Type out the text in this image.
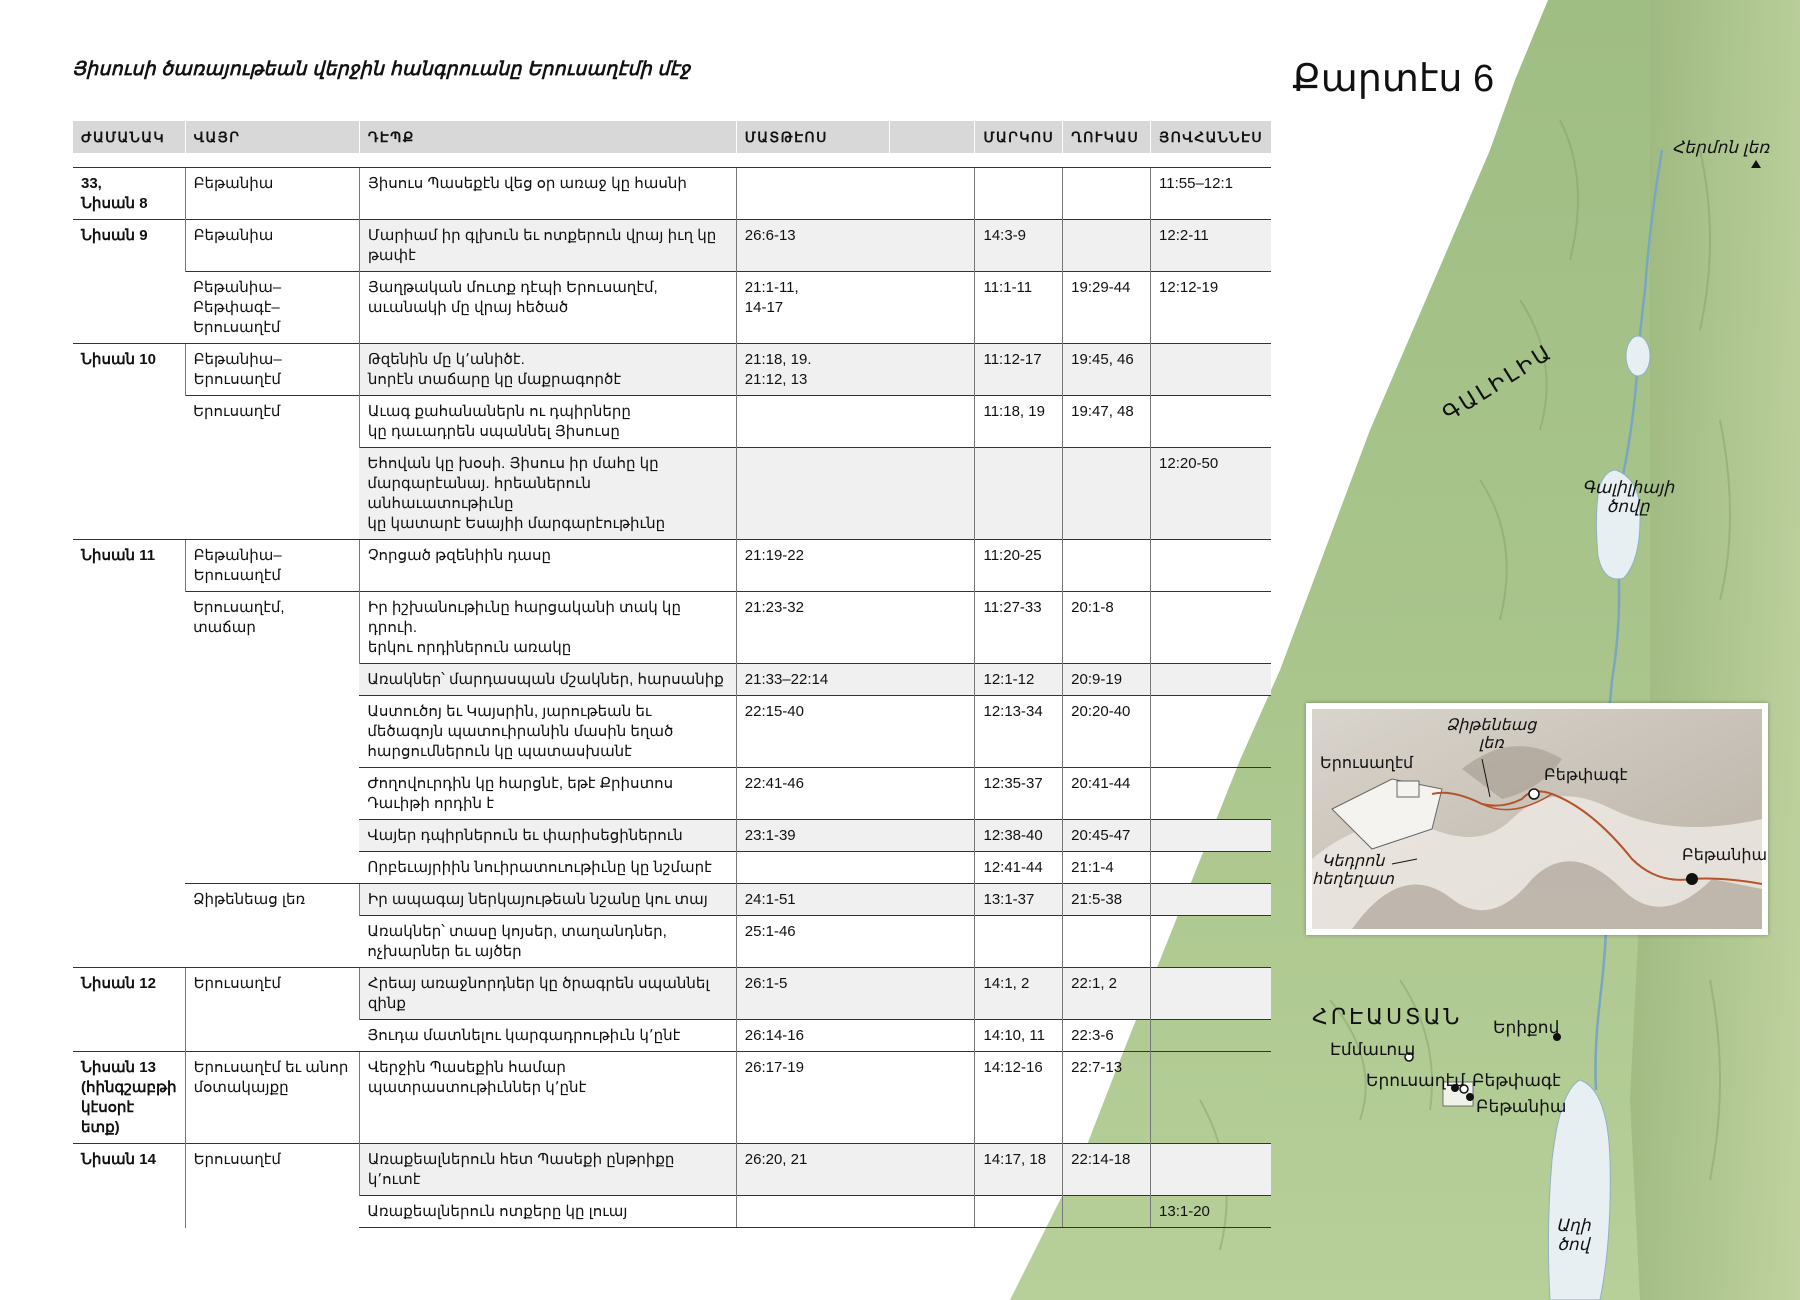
Յիսուսի ծառայութեան վերջին հանգրուանը Երուսաղէմի մէջ	Քարտէս 6
Հերմոն լեռ
ԳԱԼԻԼԻԱ
Գալիլիայի
ծովը
ՀՐԷԱՍՏԱՆ Երիքով
Էմմաւուս
Երուսաղէմ Բեթփագէ
Բեթանիա
Աղի
ծով
Ձիթենեաց
լեռ
Երուսաղէմ
Բեթփագէ
Բեթանիա
Կեդրոն
հեղեղատ
ԺԱՄԱՆԱԿ	ՎԱՅՐ	ԴԷՊՔ	ՄԱՏԹԷՈՍ		ՄԱՐԿՈՍ	ՂՈՒԿԱՍ	ՅՈՎՀԱՆՆԷՍ

33,
Նիսան 8	Բեթանիա	Յիսուս Պասեքէն վեց օր առաջ կը հասնի					11:55–12:1
Նիսան 9	Բեթանիա	Մարիամ իր գլխուն եւ ոտքերուն վրայ իւղ կը թափէ	26:6-13		14:3-9		12:2-11
	Բեթանիա–Բեթփագէ–
Երուսաղէմ	Յաղթական մուտք դէպի Երուսաղէմ,
աւանակի մը վրայ հեծած	21:1-11,
14-17		11:1-11	19:29-44	12:12-19
Նիսան 10	Բեթանիա–Երուսաղէմ	Թզենին մը կ՚անիծէ.
նորէն տաճարը կը մաքրագործէ	21:18, 19.
21:12, 13		11:12-17	19:45, 46	
	Երուսաղէմ	Աւագ քահանաներն ու դպիրները
կը դաւադրեն սպաննել Յիսուսը			11:18, 19	19:47, 48	
		Եհովան կը խօսի. Յիսուս իր մահը կը
մարգարէանայ. հրեաներուն անհաւատութիւնը
կը կատարէ Եսայիի մարգարէութիւնը					12:20-50
Նիսան 11	Բեթանիա–Երուսաղէմ	Չորցած թզենիին դասը	21:19-22		11:20-25		
	Երուսաղէմ, տաճար	Իր իշխանութիւնը հարցականի տակ կը դրուի.
երկու որդիներուն առակը	21:23-32		11:27-33	20:1-8	
		Առակներ՝ մարդասպան մշակներ, հարսանիք	21:33–22:14		12:1-12	20:9-19	
		Աստուծոյ եւ Կայսրին, յարութեան եւ
մեծագոյն պատուիրանին մասին եղած
հարցումներուն կը պատասխանէ	22:15-40		12:13-34	20:20-40	
		Ժողովուրդին կը հարցնէ, եթէ Քրիստոս
Դաւիթի որդին է	22:41-46		12:35-37	20:41-44	
		Վայեր դպիրներուն եւ փարիսեցիներուն	23:1-39		12:38-40	20:45-47	
		Որբեւայրիին նուիրատուութիւնը կը նշմարէ			12:41-44	21:1-4	
	Ձիթենեաց լեռ	Իր ապագայ ներկայութեան նշանը կու տայ	24:1-51		13:1-37	21:5-38	
		Առակներ՝ տասը կոյսեր, տաղանդներ,
ոչխարներ եւ այծեր	25:1-46				
Նիսան 12	Երուսաղէմ	Հրեայ առաջնորդներ կը ծրագրեն սպաննել զինք	26:1-5		14:1, 2	22:1, 2	
		Յուդա մատնելու կարգադրութիւն կ՚ընէ	26:14-16		14:10, 11	22:3-6	
Նիսան 13
(հինգշաբթի
կէսօրէ ետք)	Երուսաղէմ եւ անոր
մօտակայքը	Վերջին Պասեքին համար
պատրաստութիւններ կ՚ընէ	26:17-19		14:12-16	22:7-13	
Նիսան 14	Երուսաղէմ	Առաքեալներուն հետ Պասեքի ընթրիքը կ՚ուտէ	26:20, 21		14:17, 18	22:14-18	
		Առաքեալներուն ոտքերը կը լուայ					13:1-20
